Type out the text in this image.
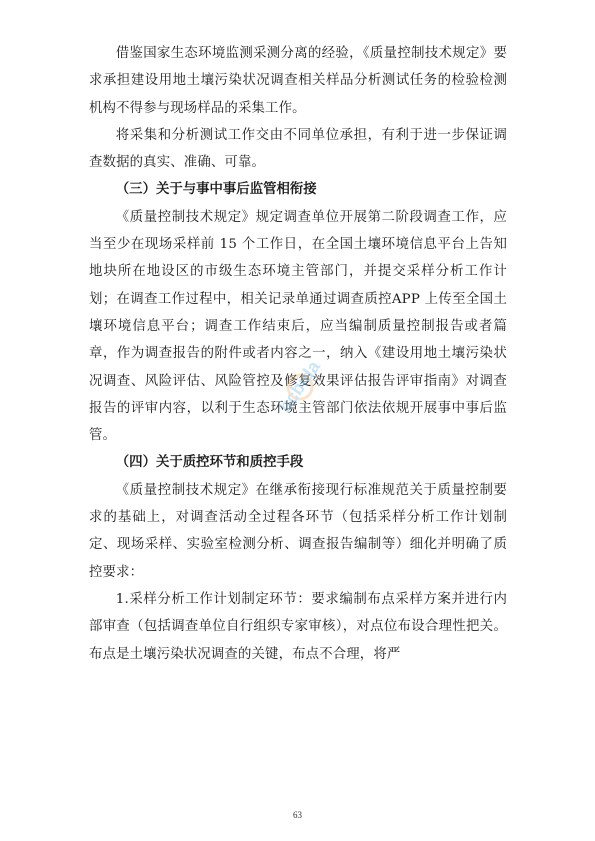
借鉴国家生态环境监测采测分离的经验，《质量控制技术规定》要求承担建设用地土壤污染状况调查相关样品分析测试任务的检验检测机构不得参与现场样品的采集工作。

将采集和分析测试工作交由不同单位承担，有利于进一步保证调查数据的真实、准确、可靠。

（三）关于与事中事后监管相衔接

《质量控制技术规定》规定调查单位开展第二阶段调查工作，应当至少在现场采样前 15 个工作日，在全国土壤环境信息平台上告知地块所在地设区的市级生态环境主管部门，并提交采样分析工作计划；在调查工作过程中，相关记录单通过调查质控APP 上传至全国土壤环境信息平台；调查工作结束后，应当编制质量控制报告或者篇章，作为调查报告的附件或者内容之一，纳入《建设用地土壤污染状况调查、风险评估、风险管控及修复效果评估报告评审指南》对调查报告的评审内容，以利于生态环境主管部门依法依规开展事中事后监管。

（四）关于质控环节和质控手段

《质量控制技术规定》在继承衔接现行标准规范关于质量控制要求的基础上，对调查活动全过程各环节（包括采样分析工作计划制定、现场采样、实验室检测分析、调查报告编制等）细化并明确了质控要求：

1.采样分析工作计划制定环节：要求编制布点采样方案并进行内部审查（包括调查单位自行组织专家审核），对点位布设合理性把关。布点是土壤污染状况调查的关键，布点不合理，将严

bcbida
63
